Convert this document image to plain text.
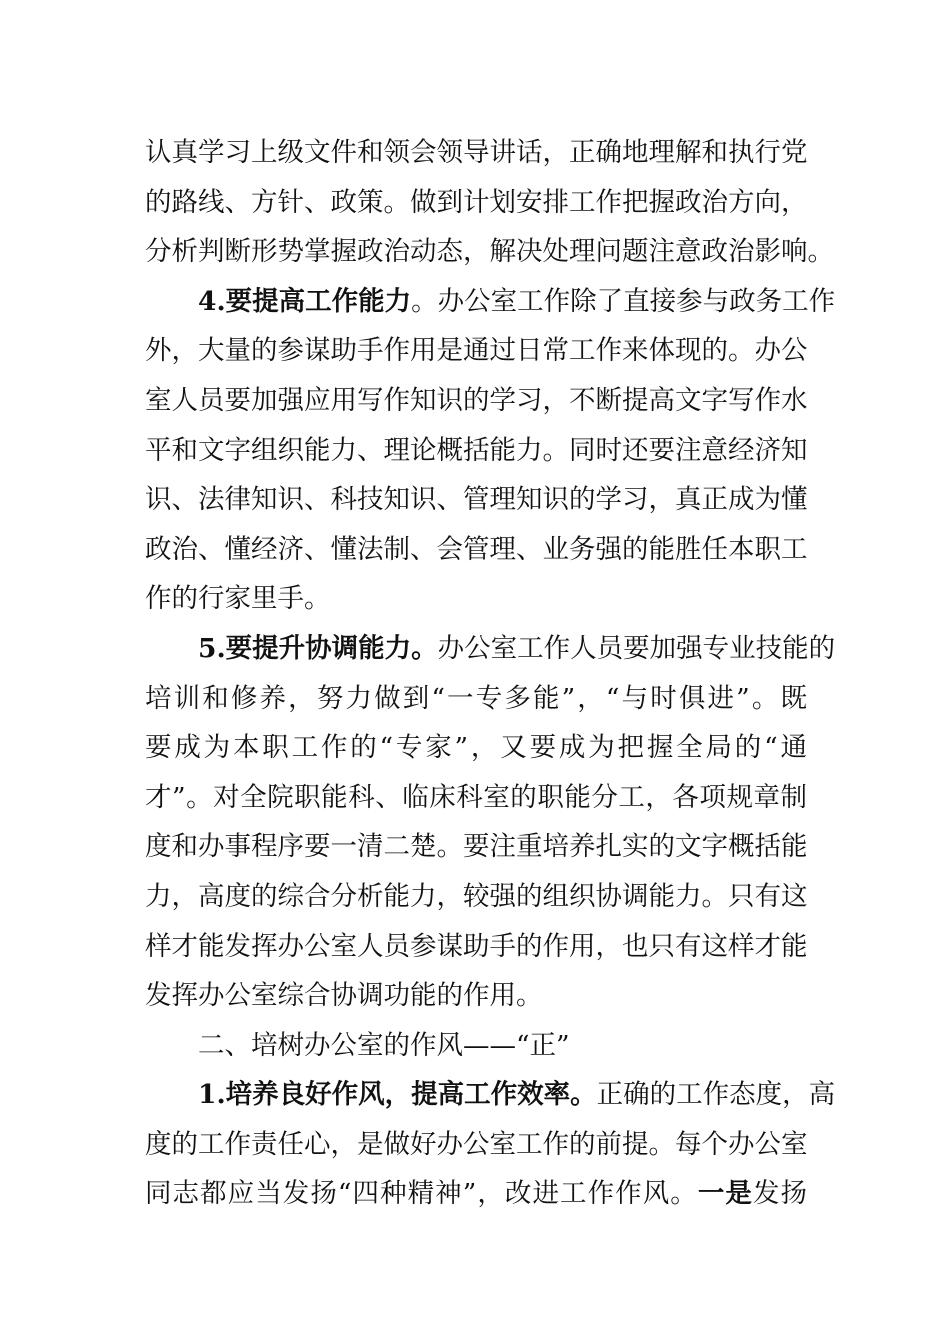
认真学习上级文件和领会领导讲话，正确地理解和执行党
的路线、方针、政策。做到计划安排工作把握政治方向，
分析判断形势掌握政治动态，解决处理问题注意政治影响。
4.要提高工作能力。办公室工作除了直接参与政务工作
外，大量的参谋助手作用是通过日常工作来体现的。办公
室人员要加强应用写作知识的学习，不断提高文字写作水
平和文字组织能力、理论概括能力。同时还要注意经济知
识、法律知识、科技知识、管理知识的学习，真正成为懂
政治、懂经济、懂法制、会管理、业务强的能胜任本职工
作的行家里手。
5.要提升协调能力。办公室工作人员要加强专业技能的
培训和修养，努力做到“一专多能”，“与时俱进”。既
要成为本职工作的“专家”，又要成为把握全局的“通
才”。对全院职能科、临床科室的职能分工，各项规章制
度和办事程序要一清二楚。要注重培养扎实的文字概括能
力，高度的综合分析能力，较强的组织协调能力。只有这
样才能发挥办公室人员参谋助手的作用，也只有这样才能
发挥办公室综合协调功能的作用。
二、培树办公室的作风——“正”
1.培养良好作风，提高工作效率。正确的工作态度，高
度的工作责任心，是做好办公室工作的前提。每个办公室
同志都应当发扬“四种精神”，改进工作作风。一是发扬
